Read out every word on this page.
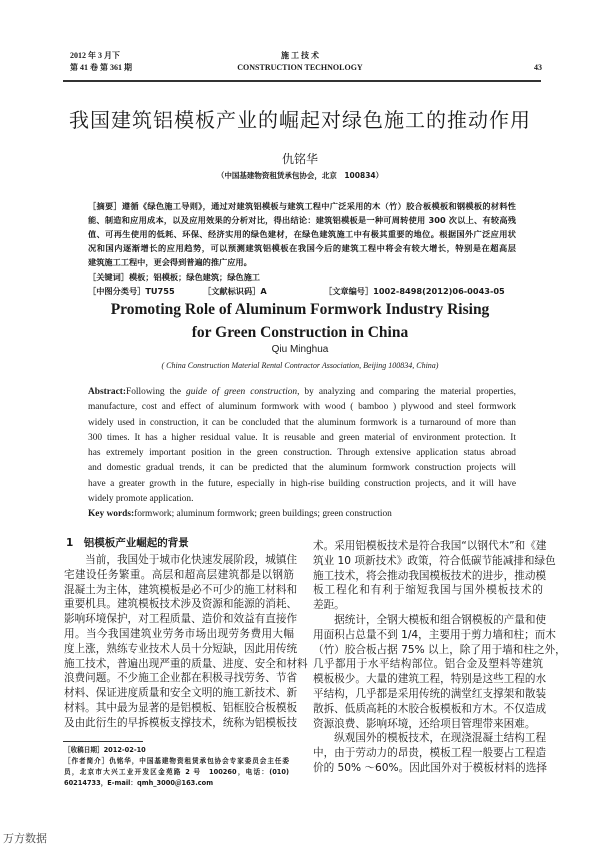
2012 年 3 月下
第 41 卷 第 361 期
施 工 技 术
CONSTRUCTION TECHNOLOGY	43
我国建筑铝模板产业的崛起对绿色施工的推动作用
仇铭华
（中国基建物资租赁承包协会，北京　100834）
［摘要］遵循《绿色施工导则》，通过对建筑铝模板与建筑工程中广泛采用的木（竹）胶合板模板和钢模板的材料性
能、制造和应用成本，以及应用效果的分析对比，得出结论：建筑铝模板是一种可周转使用 300 次以上、有较高残
值、可再生使用的低耗、环保、经济实用的绿色建材，在绿色建筑施工中有极其重要的地位。根据国外广泛应用状
况和国内逐渐增长的应用趋势，可以预测建筑铝模板在我国今后的建筑工程中将会有较大增长，特别是在超高层
建筑施工工程中，更会得到普遍的推广应用。
［关键词］模板；铝模板；绿色建筑；绿色施工
［中图分类号］TU755	［文献标识码］A	［文章编号］1002-8498(2012)06-0043-05
Promoting Role of Aluminum Formwork Industry Rising
for Green Construction in China
Qiu Minghua
( China Construction Material Rental Contractor Association, Beijing 100834, China)
Abstract:Following the guide of green construction, by analyzing and comparing the material properties,
manufacture, cost and effect of aluminum formwork with wood ( bamboo ) plywood and steel formwork
widely used in construction, it can be concluded that the aluminum formwork is a turnaround of more than
300 times. It has a higher residual value. It is reusable and green material of environment protection. It
has extremely important position in the green construction. Through extensive application status abroad
and domestic gradual trends, it can be predicted that the aluminum formwork construction projects will
have a greater growth in the future, especially in high-rise building construction projects, and it will have
widely promote application.
Key words:formwork; aluminum formwork; green buildings; green construction
1　铝模板产业崛起的背景
　　当前，我国处于城市化快速发展阶段，城镇住
宅建设任务繁重。高层和超高层建筑都是以钢筋
混凝土为主体，建筑模板是必不可少的施工材料和
重要机具。建筑模板技术涉及资源和能源的消耗、
影响环境保护，对工程质量、造价和效益有直接作
用。当今我国建筑业劳务市场出现劳务费用大幅
度上涨，熟练专业技术人员十分短缺，因此用传统
施工技术，普遍出现严重的质量、进度、安全和材料
浪费问题。不少施工企业都在积极寻找劳务、节省
材料、保证进度质量和安全文明的施工新技术、新
材料。其中最为显著的是铝模板、铝框胶合板模板
及由此衍生的早拆模板支撑技术，统称为铝模板技
术。采用铝模板技术是符合我国“以钢代木”和《建
筑业 10 项新技术》政策，符合低碳节能减排和绿色
施工技术，将会推动我国模板技术的进步，推动模
板工程化和有利于缩短我国与国外模板技术的
差距。
　　据统计，全钢大模板和组合钢模板的产量和使
用面积占总量不到 1/4，主要用于剪力墙和柱；而木
（竹）胶合板占据 75% 以上，除了用于墙和柱之外，
几乎都用于水平结构部位。铝合金及塑料等建筑
模板极少。大量的建筑工程，特别是这些工程的水
平结构，几乎都是采用传统的满堂红支撑架和散装
散拆、低质高耗的木胶合板模板和方木。不仅造成
资源浪费、影响环境，还给项目管理带来困难。
　　纵观国外的模板技术，在现浇混凝土结构工程
中，由于劳动力的昂贵，模板工程一般要占工程造
价的 50% ～60%。因此国外对于模板材料的选择
［收稿日期］2012-02-10
［作者简介］仇铭华，中国基建物资租赁承包协会专家委员会主任委
员，北京市大兴工业开发区金苑路 2 号　100260，电话：(010)
60214733，E-mail：qmh_3000＠163.com
万方数据
